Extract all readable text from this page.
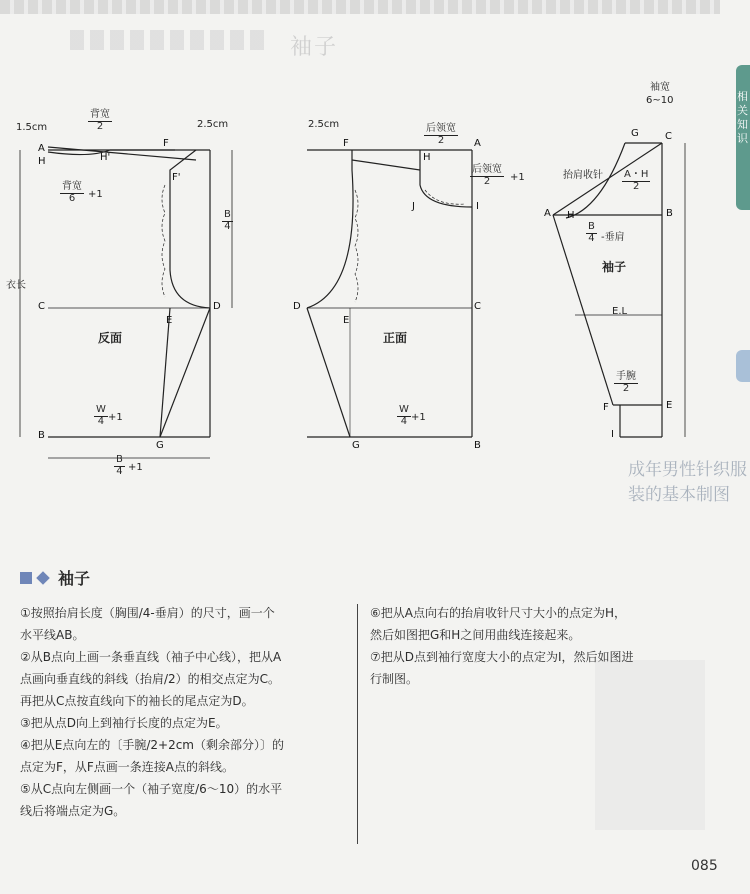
袖子
相关知识
背宽
2
背宽
6	+1
1.5cm	2.5cm
$\frac{B}{4}$
$\frac{W}{4} +1$
$\frac{B}{4} +1$
衣长
反面
A
H	H'
F
F'
C	D
E
B
G
2.5cm	后领宽
2
后领宽
2	+1
$\frac{W}{4} +1$
正面
F
H
A
I
J
C
D
E
G	B
袖宽
6~10
抬肩收针 $\frac{A・H}{2}$
$\frac{B}{4}$ -垂肩
袖子
E.L
手腕
2
G	C
A H	B
E
F
I
成年男性针织服装的基本制图
袖子

①按照抬肩长度（胸围/4-垂肩）的尺寸，画一个

水平线AB。

②从B点向上画一条垂直线（袖子中心线），把从A

点画向垂直线的斜线（抬肩/2）的相交点定为C。

再把从C点按直线向下的袖长的尾点定为D。

③把从点D向上到袖行长度的点定为E。

④把从E点向左的〔手腕/2+2cm（剩余部分）〕的

点定为F，从F点画一条连接A点的斜线。

⑤从C点向左侧画一个（袖子宽度/6～10）的水平

线后将端点定为G。

⑥把从A点向右的抬肩收针尺寸大小的点定为H，

然后如图把G和H之间用曲线连接起来。

⑦把从D点到袖行宽度大小的点定为I，然后如图进

行制图。

085
